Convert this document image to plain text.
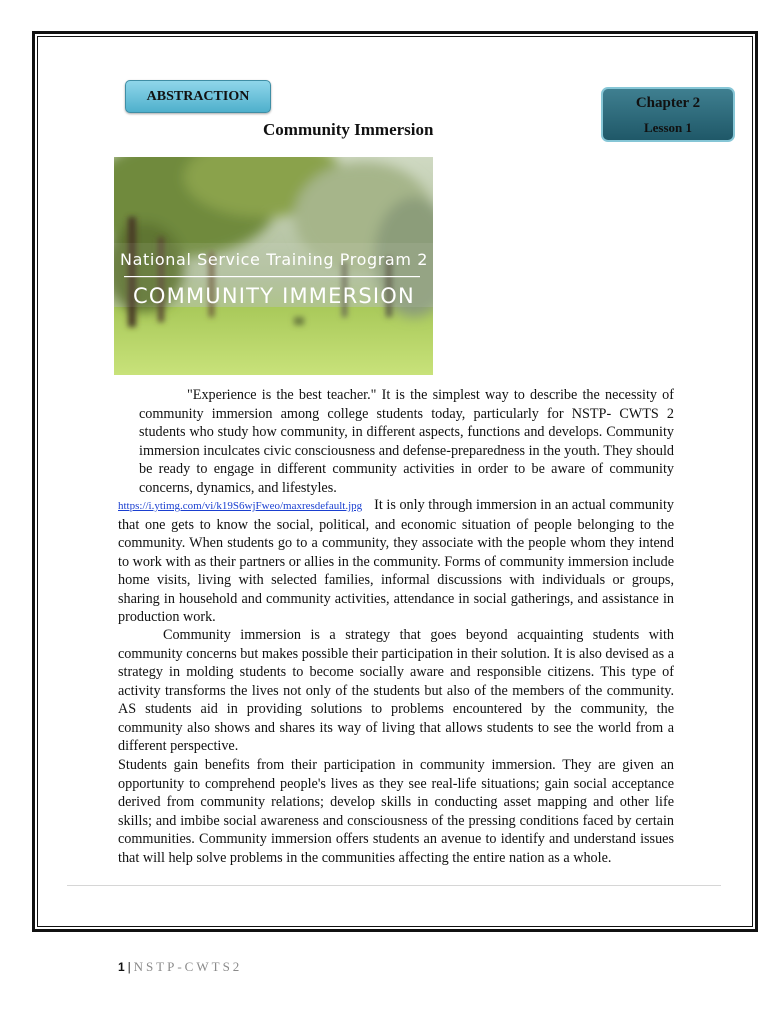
ABSTRACTION	Chapter 2
Lesson 1
Community Immersion
National Service Training Program 2
COMMUNITY IMMERSION

"Experience is the best teacher." It is the simplest way to describe the necessity of community immersion among college students today, particularly for NSTP- CWTS 2 students who study how community, in different aspects, functions and develops. Community immersion inculcates civic consciousness and defense-preparedness in the youth. They should be ready to engage in different community activities in order to be aware of community concerns, dynamics, and lifestyles.

https://i.ytimg.com/vi/k19S6wjFweo/maxresdefault.jpg It is only through immersion in an actual community that one gets to know the social, political, and economic situation of people belonging to the community. When students go to a community, they associate with the people whom they intend to work with as their partners or allies in the community. Forms of community immersion include home visits, living with selected families, informal discussions with individuals or groups, sharing in household and community activities, attendance in social gatherings, and assistance in production work.

Community immersion is a strategy that goes beyond acquainting students with community concerns but makes possible their participation in their solution. It is also devised as a strategy in molding students to become socially aware and responsible citizens. This type of activity transforms the lives not only of the students but also of the members of the community. AS students aid in providing solutions to problems encountered by the community, the community also shows and shares its way of living that allows students to see the world from a different perspective.

Students gain benefits from their participation in community immersion. They are given an opportunity to comprehend people's lives as they see real-life situations; gain social acceptance derived from community relations; develop skills in conducting asset mapping and other life skills; and imbibe social awareness and consciousness of the pressing conditions faced by certain communities. Community immersion offers students an avenue to identify and understand issues that will help solve problems in the communities affecting the entire nation as a whole.

1 | NSTP-CWTS2
